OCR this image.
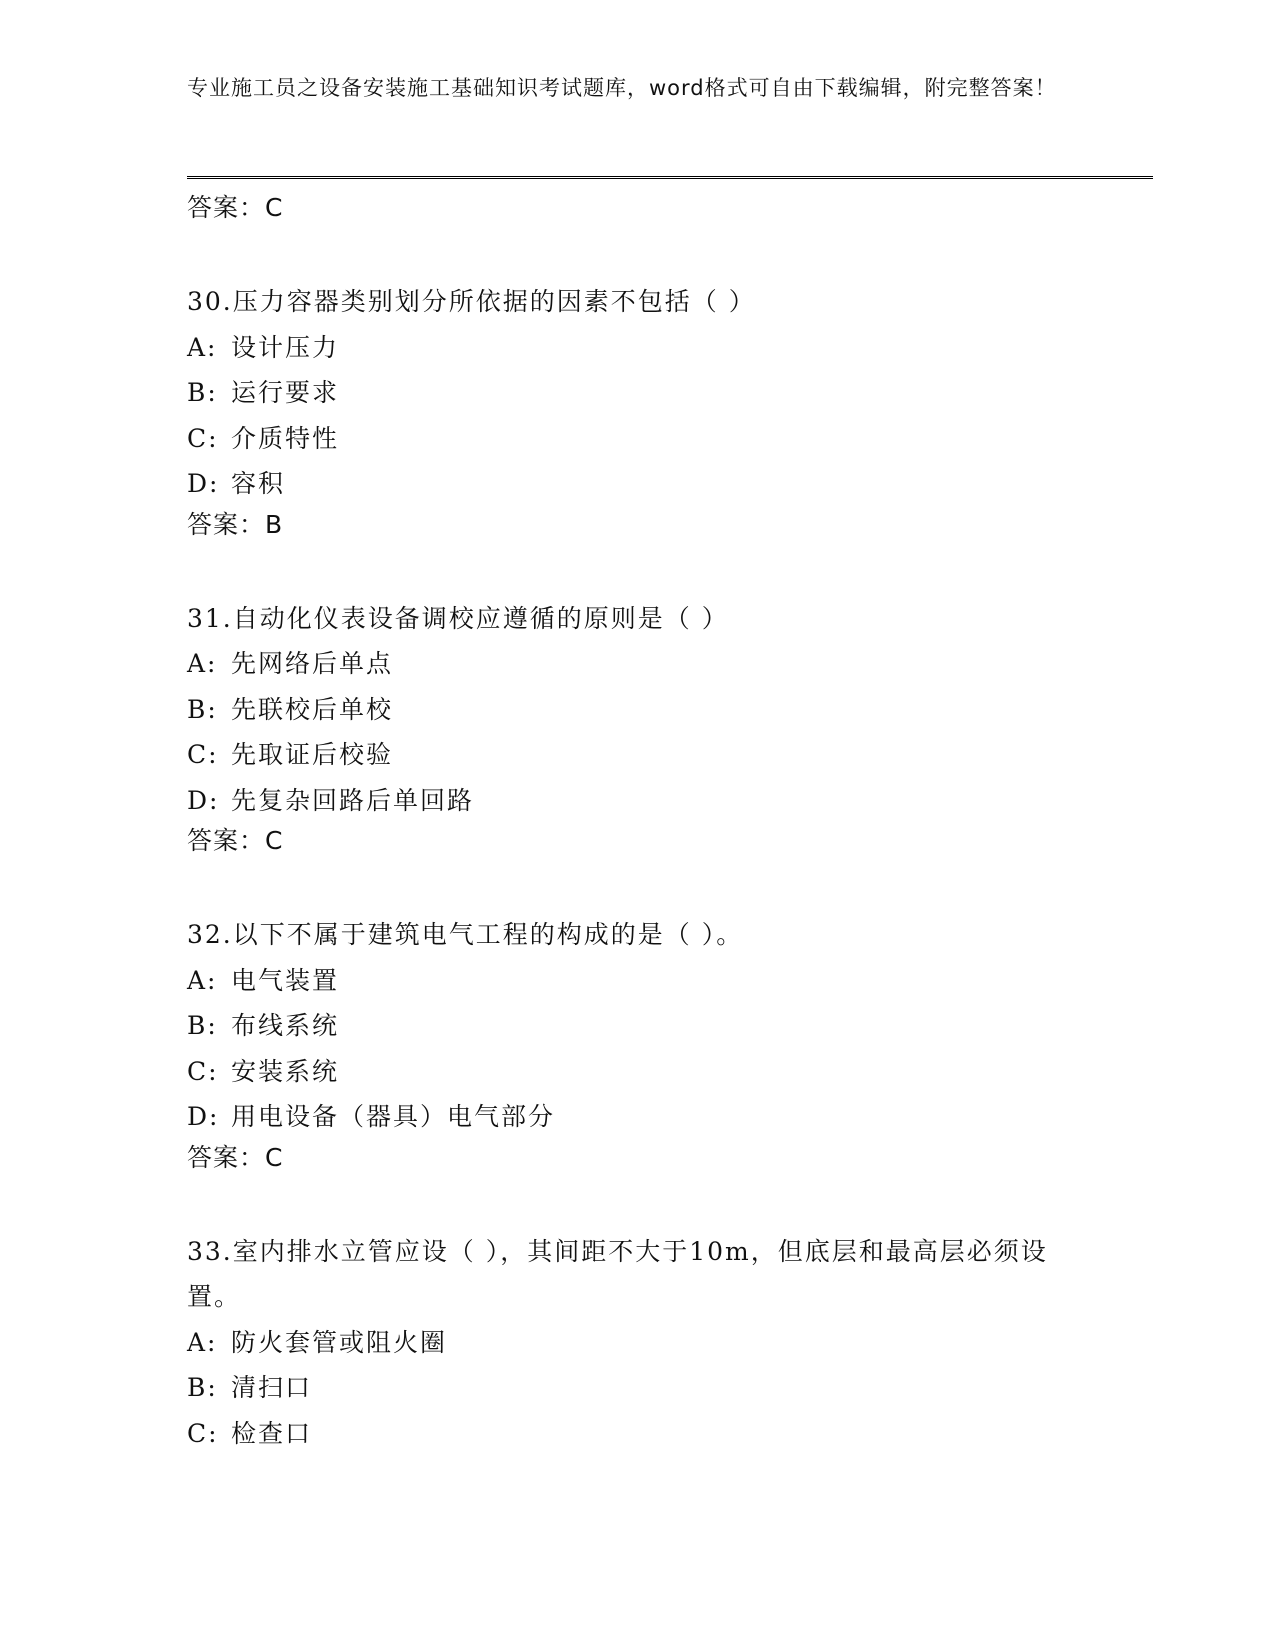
专业施工员之设备安装施工基础知识考试题库，word格式可自由下载编辑，附完整答案！

答案：C

30.压力容器类别划分所依据的因素不包括（ ）

A: 设计压力

B: 运行要求

C: 介质特性

D: 容积

答案：B

31.自动化仪表设备调校应遵循的原则是（ ）

A: 先网络后单点

B: 先联校后单校

C: 先取证后校验

D: 先复杂回路后单回路

答案：C

32.以下不属于建筑电气工程的构成的是（ ）。

A: 电气装置

B: 布线系统

C: 安装系统

D: 用电设备（器具）电气部分

答案：C

33.室内排水立管应设（ ），其间距不大于10m，但底层和最高层必须设置。

A: 防火套管或阻火圈

B: 清扫口

C: 检查口
